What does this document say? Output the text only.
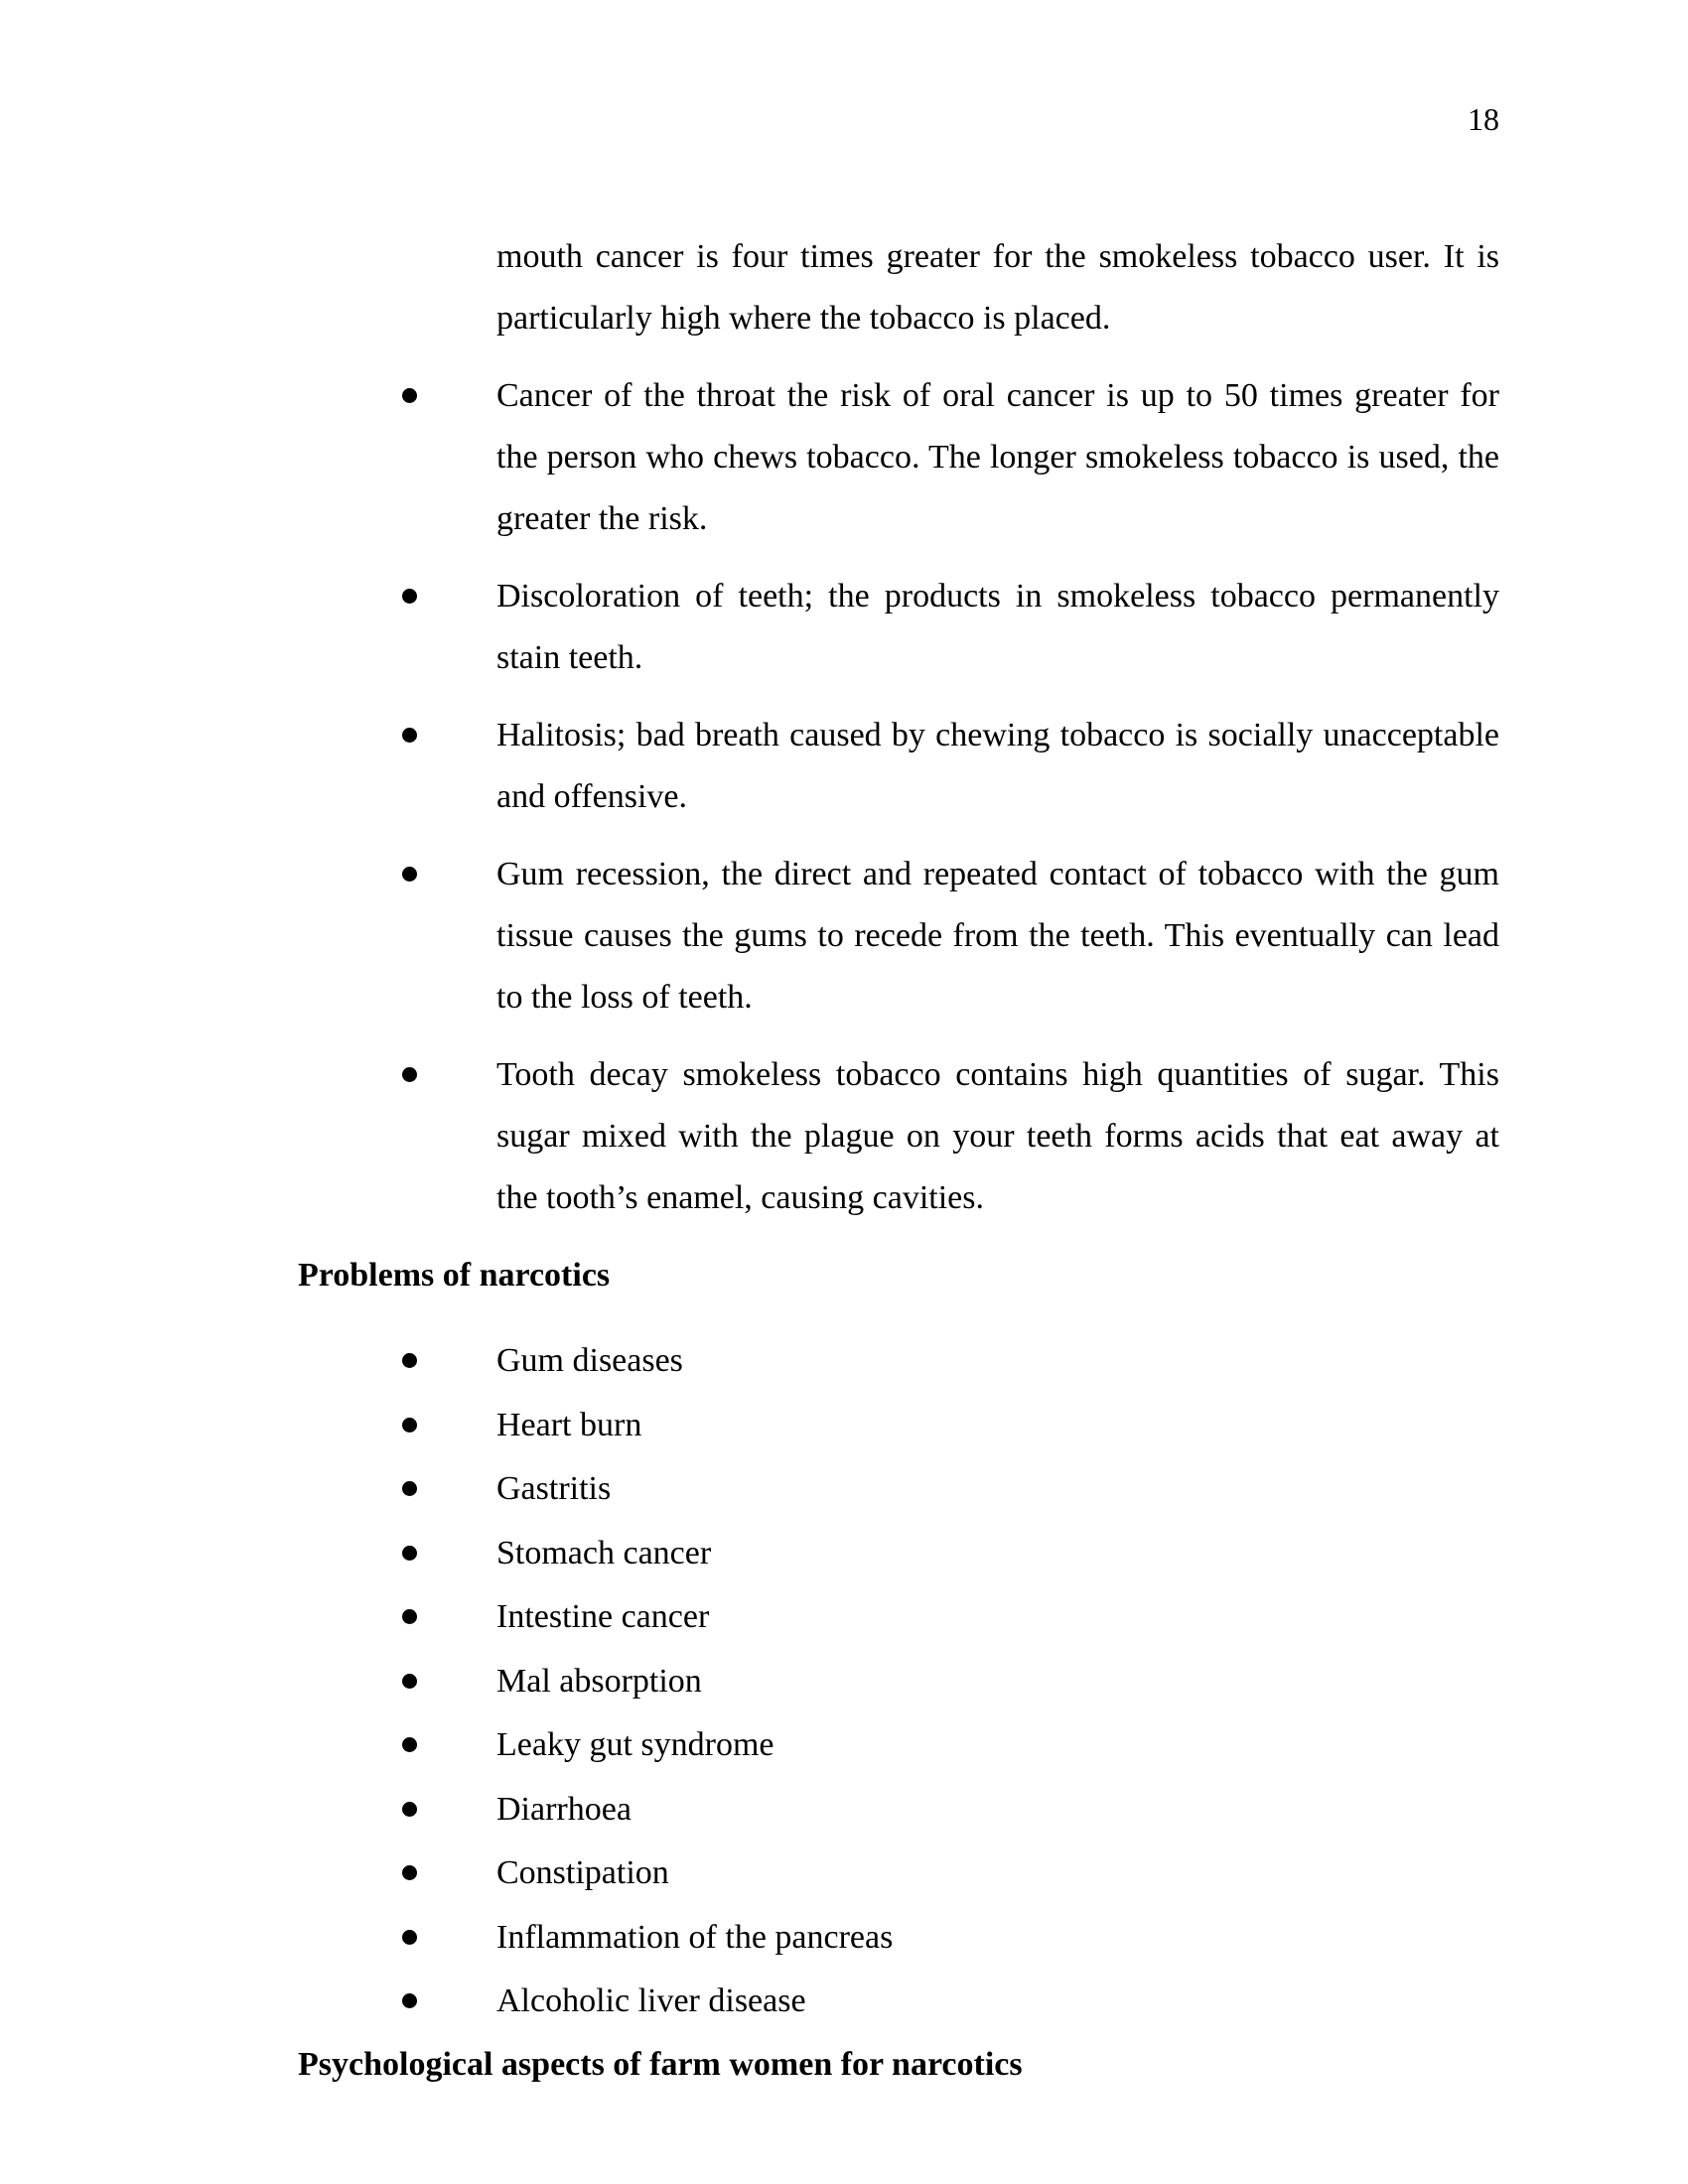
18
mouth cancer is four times greater for the smokeless tobacco user. It is particularly high where the tobacco is placed.
Cancer of the throat the risk of oral cancer is up to 50 times greater for the person who chews tobacco. The longer smokeless tobacco is used, the greater the risk.
Discoloration of teeth; the products in smokeless tobacco permanently stain teeth.
Halitosis; bad breath caused by chewing tobacco is socially unacceptable and offensive.
Gum recession, the direct and repeated contact of tobacco with the gum tissue causes the gums to recede from the teeth. This eventually can lead to the loss of teeth.
Tooth decay smokeless tobacco contains high quantities of sugar. This sugar mixed with the plague on your teeth forms acids that eat away at the tooth’s enamel, causing cavities.
Problems of narcotics
Gum diseases
Heart burn
Gastritis
Stomach cancer
Intestine cancer
Mal absorption
Leaky gut syndrome
Diarrhoea
Constipation
Inflammation of the pancreas
Alcoholic liver disease
Psychological aspects of farm women for narcotics
